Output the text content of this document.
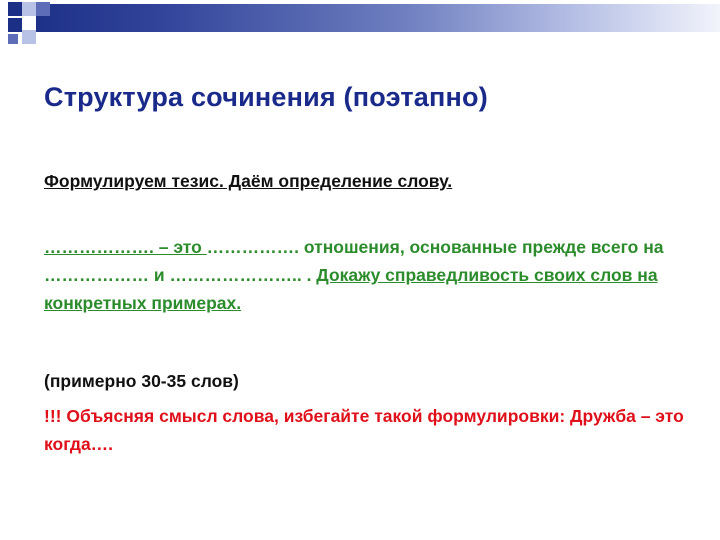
Структура сочинения (поэтапно)

Формулируем тезис. Даём определение слову.

………………. – это ……………. отношения, основанные прежде всего на ……………… и ………………….. . Докажу справедливость своих слов на конкретных примерах.

(примерно 30-35 слов)

!!! Объясняя смысл слова, избегайте такой формулировки: Дружба – это когда….
